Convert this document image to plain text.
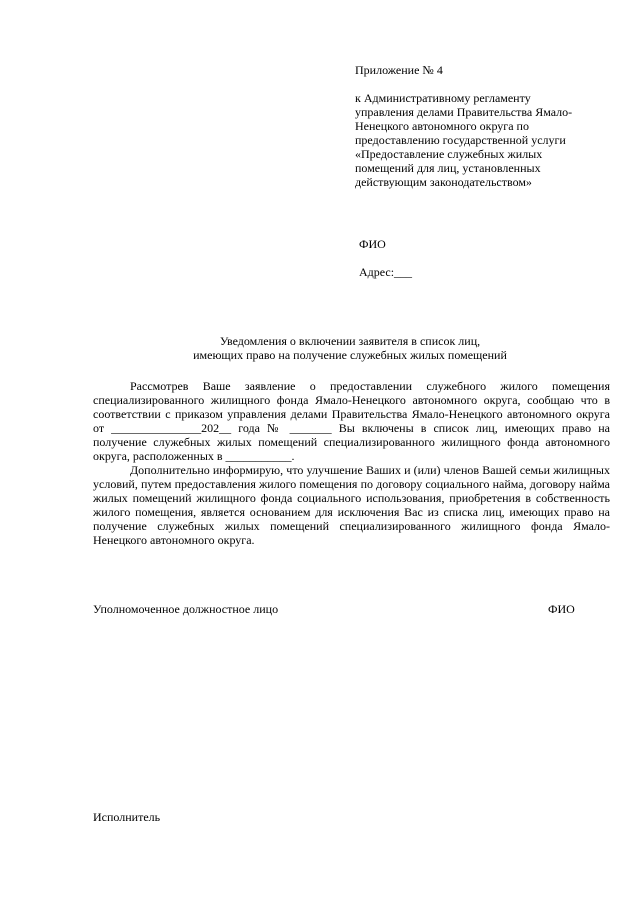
Приложение № 4
к Административному регламенту
управления делами Правительства Ямало-
Ненецкого автономного округа по
предоставлению государственной услуги
«Предоставление служебных жилых
помещений для лиц, установленных
действующим законодательством»
ФИО
Адрес:___
Уведомления о включении заявителя в список лиц,
имеющих право на получение служебных жилых помещений

Рассмотрев Ваше заявление о предоставлении служебного жилого помещения специализированного жилищного фонда Ямало-Ненецкого автономного округа, сообщаю что в соответствии с приказом управления делами Правительства Ямало-Ненецкого автономного округа от _______________202__ года № _______ Вы включены в список лиц, имеющих право на получение служебных жилых помещений специализированного жилищного фонда автономного округа, расположенных в ___________.

Дополнительно информирую, что улучшение Ваших и (или) членов Вашей семьи жилищных условий, путем предоставления жилого помещения по договору социального найма, договору найма жилых помещений жилищного фонда социального использования, приобретения в собственность жилого помещения, является основанием для исключения Вас из списка лиц, имеющих право на получение служебных жилых помещений специализированного жилищного фонда Ямало-Ненецкого автономного округа.

Уполномоченное должностное лицо	ФИО
Исполнитель
